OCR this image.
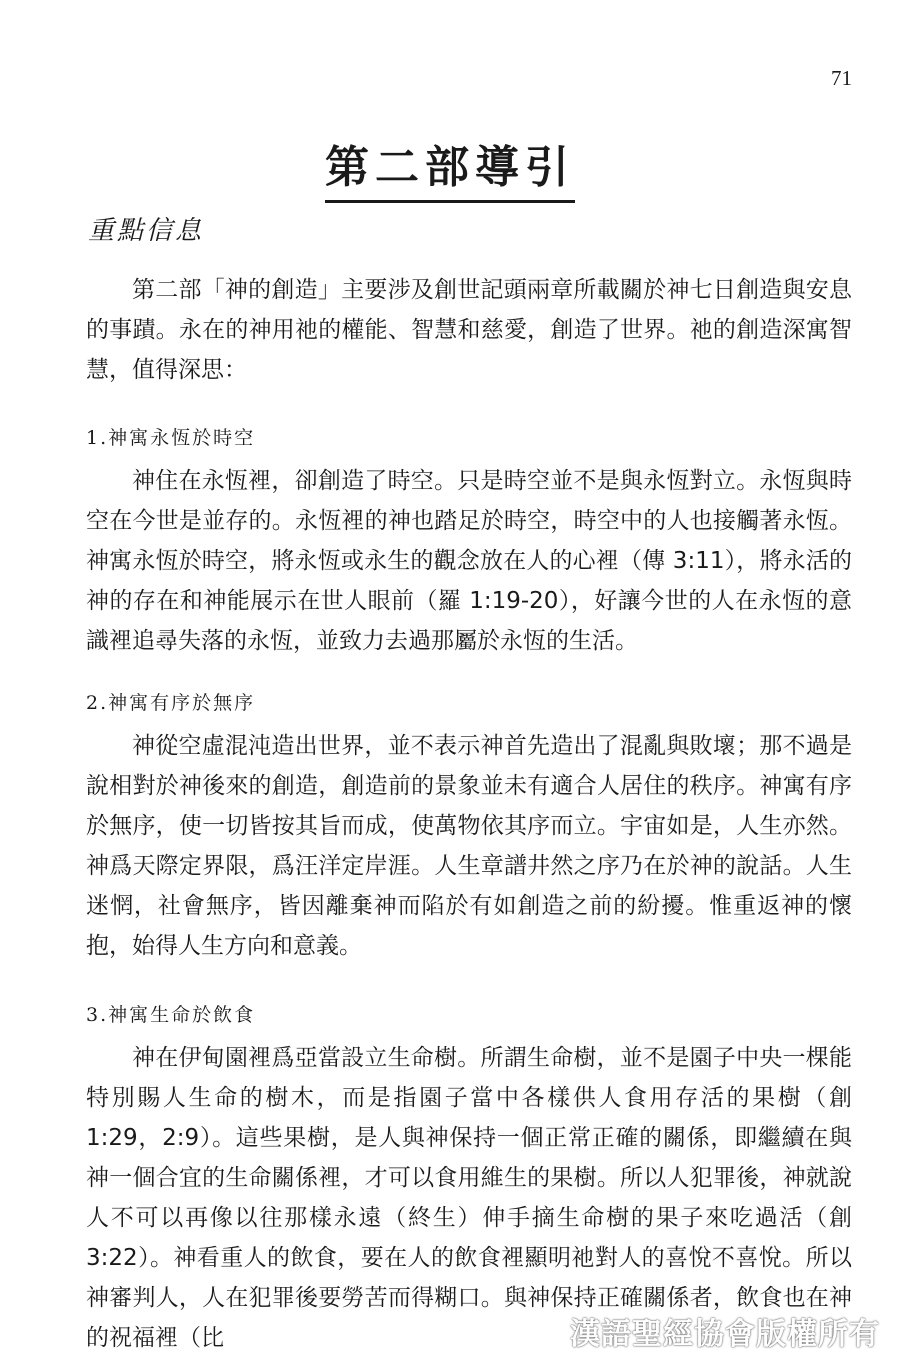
71
第二部導引
重點信息

第二部「神的創造」主要涉及創世記頭兩章所載關於神七日創造與安息的事蹟。永在的神用祂的權能、智慧和慈愛，創造了世界。祂的創造深寓智慧，值得深思：

1.神寓永恆於時空

神住在永恆裡，卻創造了時空。只是時空並不是與永恆對立。永恆與時空在今世是並存的。永恆裡的神也踏足於時空，時空中的人也接觸著永恆。神寓永恆於時空，將永恆或永生的觀念放在人的心裡（傳 3:11），將永活的神的存在和神能展示在世人眼前（羅 1:19-20），好讓今世的人在永恆的意識裡追尋失落的永恆，並致力去過那屬於永恆的生活。

2.神寓有序於無序

神從空虛混沌造出世界，並不表示神首先造出了混亂與敗壞；那不過是說相對於神後來的創造，創造前的景象並未有適合人居住的秩序。神寓有序於無序，使一切皆按其旨而成，使萬物依其序而立。宇宙如是，人生亦然。神爲天際定界限，爲汪洋定岸涯。人生章譜井然之序乃在於神的說話。人生迷惘，社會無序，皆因離棄神而陷於有如創造之前的紛擾。惟重返神的懷抱，始得人生方向和意義。

3.神寓生命於飲食

神在伊甸園裡爲亞當設立生命樹。所謂生命樹，並不是園子中央一棵能特別賜人生命的樹木，而是指園子當中各樣供人食用存活的果樹（創 1:29，2:9）。這些果樹，是人與神保持一個正常正確的關係，即繼續在與神一個合宜的生命關係裡，才可以食用維生的果樹。所以人犯罪後，神就說人不可以再像以往那樣永遠（終生）伸手摘生命樹的果子來吃過活（創 3:22）。神看重人的飲食，要在人的飲食裡顯明祂對人的喜悅不喜悅。所以神審判人，人在犯罪後要勞苦而得糊口。與神保持正確關係者，飲食也在神的祝福裡（比	漢語聖經協會版權所有
